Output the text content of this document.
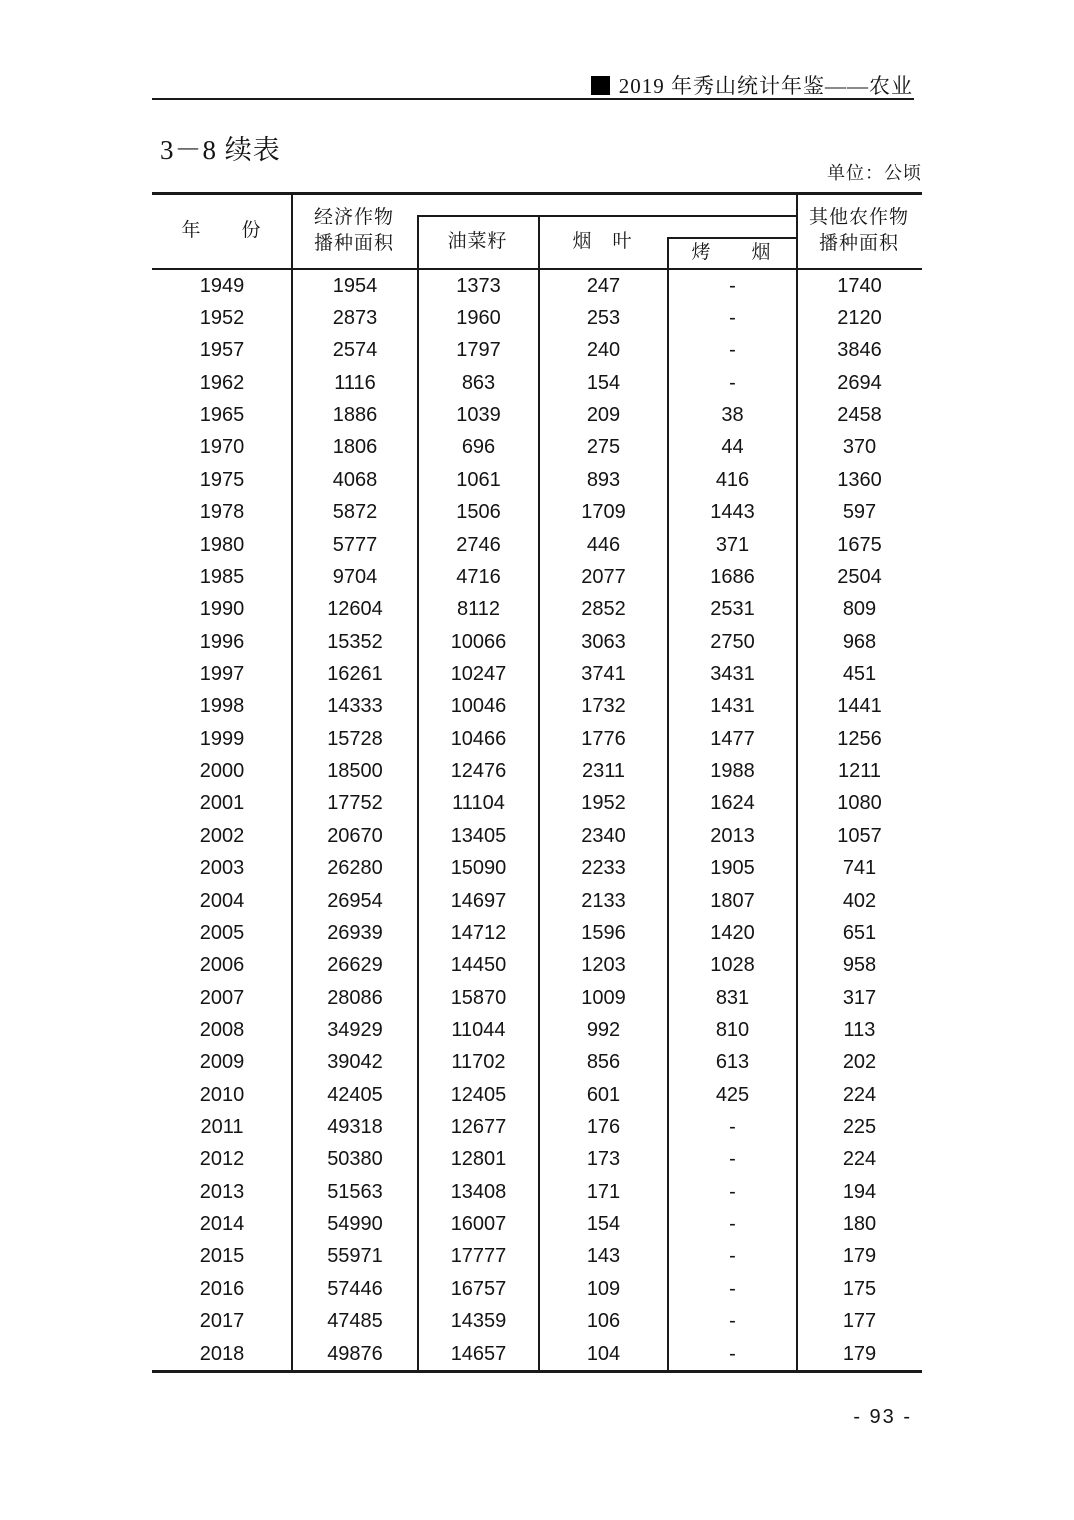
2019 年秀山统计年鉴——农业
3－8 续表
单位：公顷
年　　份
经济作物
播种面积	油菜籽	烟　叶
烤　　烟
其他农作物
播种面积
1949	1954	1373	247	-	1740
1952	2873	1960	253	-	2120
1957	2574	1797	240	-	3846
1962	1116	863	154	-	2694
1965	1886	1039	209	38	2458
1970	1806	696	275	44	370
1975	4068	1061	893	416	1360
1978	5872	1506	1709	1443	597
1980	5777	2746	446	371	1675
1985	9704	4716	2077	1686	2504
1990	12604	8112	2852	2531	809
1996	15352	10066	3063	2750	968
1997	16261	10247	3741	3431	451
1998	14333	10046	1732	1431	1441
1999	15728	10466	1776	1477	1256
2000	18500	12476	2311	1988	1211
2001	17752	11104	1952	1624	1080
2002	20670	13405	2340	2013	1057
2003	26280	15090	2233	1905	741
2004	26954	14697	2133	1807	402
2005	26939	14712	1596	1420	651
2006	26629	14450	1203	1028	958
2007	28086	15870	1009	831	317
2008	34929	11044	992	810	113
2009	39042	11702	856	613	202
2010	42405	12405	601	425	224
2011	49318	12677	176	-	225
2012	50380	12801	173	-	224
2013	51563	13408	171	-	194
2014	54990	16007	154	-	180
2015	55971	17777	143	-	179
2016	57446	16757	109	-	175
2017	47485	14359	106	-	177
2018	49876	14657	104	-	179
- 93 -
